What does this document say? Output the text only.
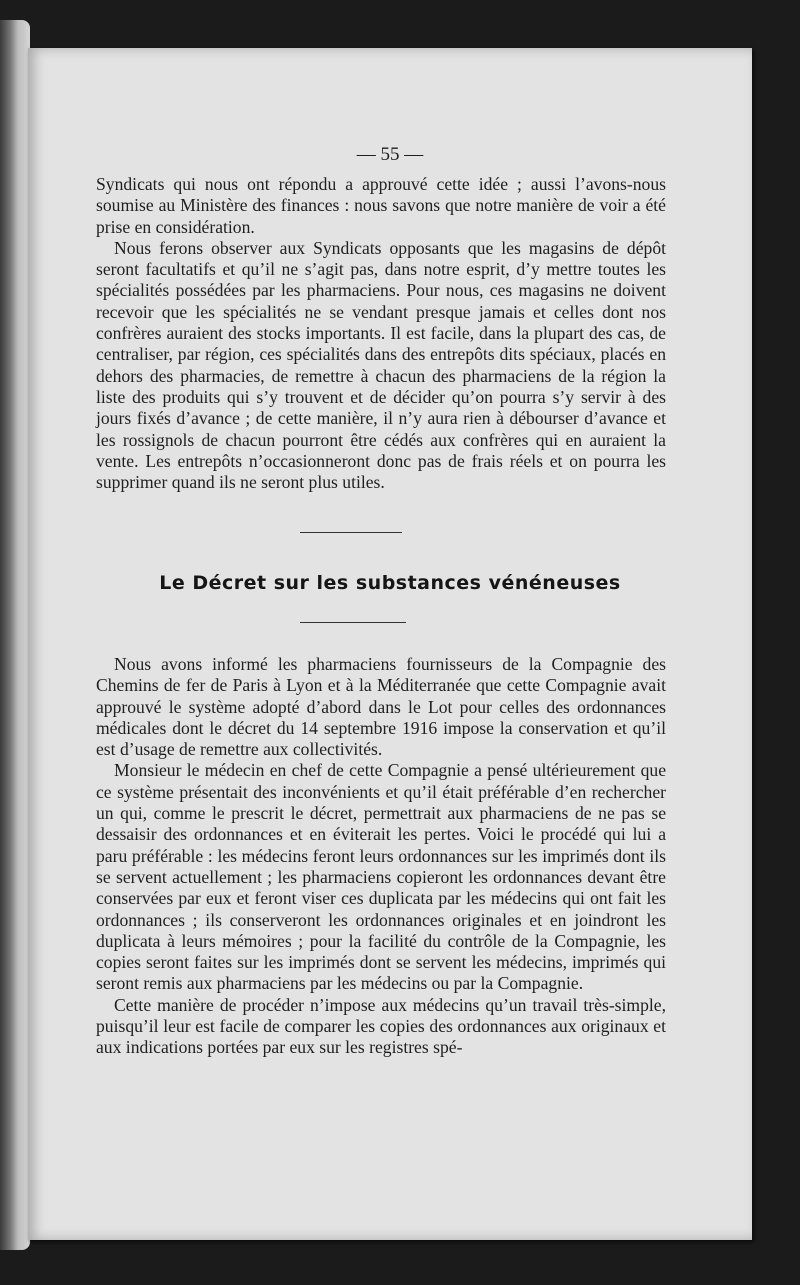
— 55 —

Syndicats qui nous ont répondu a approuvé cette idée ; aussi l’avons-nous soumise au Ministère des finances : nous savons que notre manière de voir a été prise en considération.

Nous ferons observer aux Syndicats opposants que les magasins de dépôt seront facultatifs et qu’il ne s’agit pas, dans notre esprit, d’y mettre toutes les spécialités possédées par les pharmaciens. Pour nous, ces magasins ne doivent recevoir que les spécialités ne se vendant presque jamais et celles dont nos confrères auraient des stocks importants. Il est facile, dans la plupart des cas, de centraliser, par région, ces spécialités dans des entrepôts dits spéciaux, placés en dehors des pharmacies, de remettre à chacun des pharmaciens de la région la liste des produits qui s’y trouvent et de décider qu’on pourra s’y servir à des jours fixés d’avance ; de cette manière, il n’y aura rien à débourser d’avance et les rossignols de chacun pourront être cédés aux confrères qui en auraient la vente. Les entrepôts n’occasionneront donc pas de frais réels et on pourra les supprimer quand ils ne seront plus utiles.

Le Décret sur les substances vénéneuses

Nous avons informé les pharmaciens fournisseurs de la Compagnie des Chemins de fer de Paris à Lyon et à la Méditerranée que cette Compagnie avait approuvé le système adopté d’abord dans le Lot pour celles des ordonnances médicales dont le décret du 14 septembre 1916 impose la conservation et qu’il est d’usage de remettre aux collectivités.

Monsieur le médecin en chef de cette Compagnie a pensé ultérieurement que ce système présentait des inconvénients et qu’il était préférable d’en rechercher un qui, comme le prescrit le décret, permettrait aux pharmaciens de ne pas se dessaisir des ordonnances et en éviterait les pertes. Voici le procédé qui lui a paru préférable : les médecins feront leurs ordonnances sur les imprimés dont ils se servent actuellement ; les pharmaciens copieront les ordonnances devant être conservées par eux et feront viser ces duplicata par les médecins qui ont fait les ordonnances ; ils conserveront les ordonnances originales et en joindront les duplicata à leurs mémoires ; pour la facilité du contrôle de la Compagnie, les copies seront faites sur les imprimés dont se servent les médecins, imprimés qui seront remis aux pharmaciens par les médecins ou par la Compagnie.

Cette manière de procéder n’impose aux médecins qu’un travail très-simple, puisqu’il leur est facile de comparer les copies des ordonnances aux originaux et aux indications portées par eux sur les registres spé-
